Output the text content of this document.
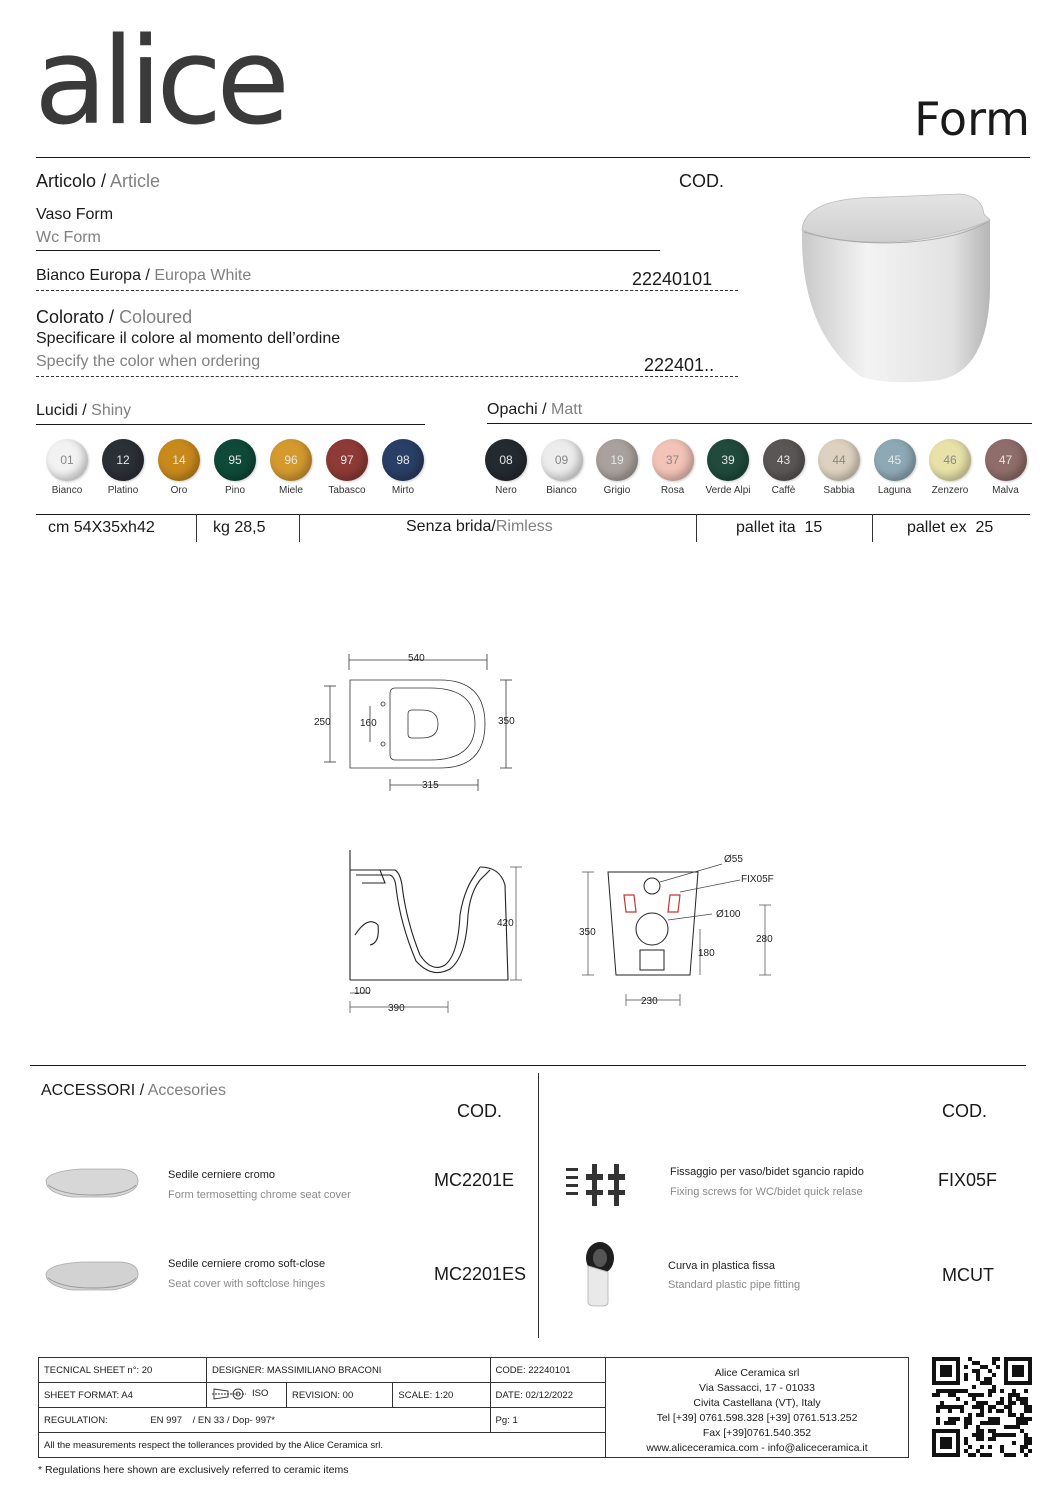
alice	Form
Articolo / Article	COD.
Vaso Form
Wc Form
Bianco Europa / Europa White	22240101
Colorato / Coloured
Specificare il colore al momento dell’ordine
Specify the color when ordering	222401..
Lucidi / Shiny	Opachi / Matt
01
Bianco
12
Platino
14
Oro
95
Pino
96
Miele
97
Tabasco
98
Mirto
08
Nero
09
Bianco
19
Grigio
37
Rosa
39
Verde Alpi
43
Caffè
44
Sabbia
45
Laguna
46
Zenzero
47
Malva
cm 54X35xh42	kg 28,5	Senza brida/Rimless	pallet ita  15	pallet ex  25
540
250	160	350
315
420
100
390
Ø55
FIX05F
Ø100
350
280
180
230
ACCESSORI / Accesories
COD.	COD.
Sedile cerniere cromo
Form termosetting chrome seat cover
MC2201E
Sedile cerniere cromo soft-close
Seat cover with softclose hinges	MC2201ES
Fissaggio per vaso/bidet sgancio rapido
Fixing screws for WC/bidet quick relase
FIX05F
Curva in plastica fissa
Standard plastic pipe fitting	MCUT
TECNICAL SHEET n°: 20	DESIGNER: MASSIMILIANO BRACONI			CODE: 22240101
SHEET FORMAT: A4	ISO	REVISION: 00	SCALE: 1:20	DATE: 02/12/2022
REGULATION: EN 997    / EN 33 / Dop- 997*				Pg: 1
All the measurements respect the tollerances provided by the Alice Ceramica srl.				
Alice Ceramica srl
Via Sassacci, 17 - 01033
Civita Castellana (VT), Italy
Tel [+39] 0761.598.328 [+39] 0761.513.252
Fax [+39]0761.540.352
www.aliceceramica.com - info@aliceceramica.it
* Regulations here shown are exclusively referred to ceramic items
